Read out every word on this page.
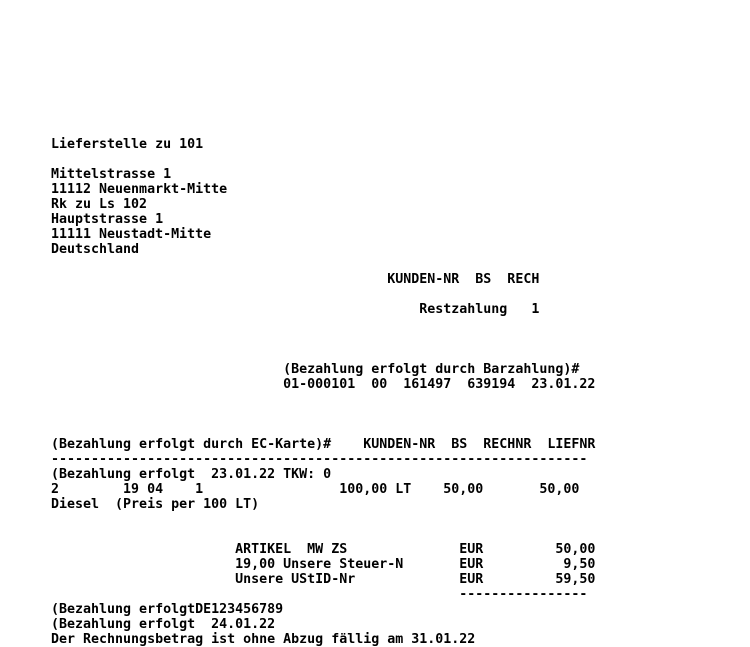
Lieferstelle zu 101
Mittelstrasse 1
11112 Neuenmarkt-Mitte
Rk zu Ls 102
Hauptstrasse 1
11111 Neustadt-Mitte
Deutschland
KUNDEN-NR  BS  RECH
Restzahlung   1
(Bezahlung erfolgt durch Barzahlung)#
01-000101  00  161497  639194  23.01.22
(Bezahlung erfolgt durch EC-Karte)#    KUNDEN-NR  BS  RECHNR  LIEFNR
-------------------------------------------------------------------
(Bezahlung erfolgt  23.01.22 TKW: 0
2        19 04    1                 100,00 LT    50,00       50,00
Diesel  (Preis per 100 LT)
ARTIKEL  MW ZS              EUR         50,00
19,00 Unsere Steuer-N       EUR          9,50
Unsere UStID-Nr             EUR         59,50
----------------
(Bezahlung erfolgtDE123456789
(Bezahlung erfolgt  24.01.22
Der Rechnungsbetrag ist ohne Abzug fällig am 31.01.22
